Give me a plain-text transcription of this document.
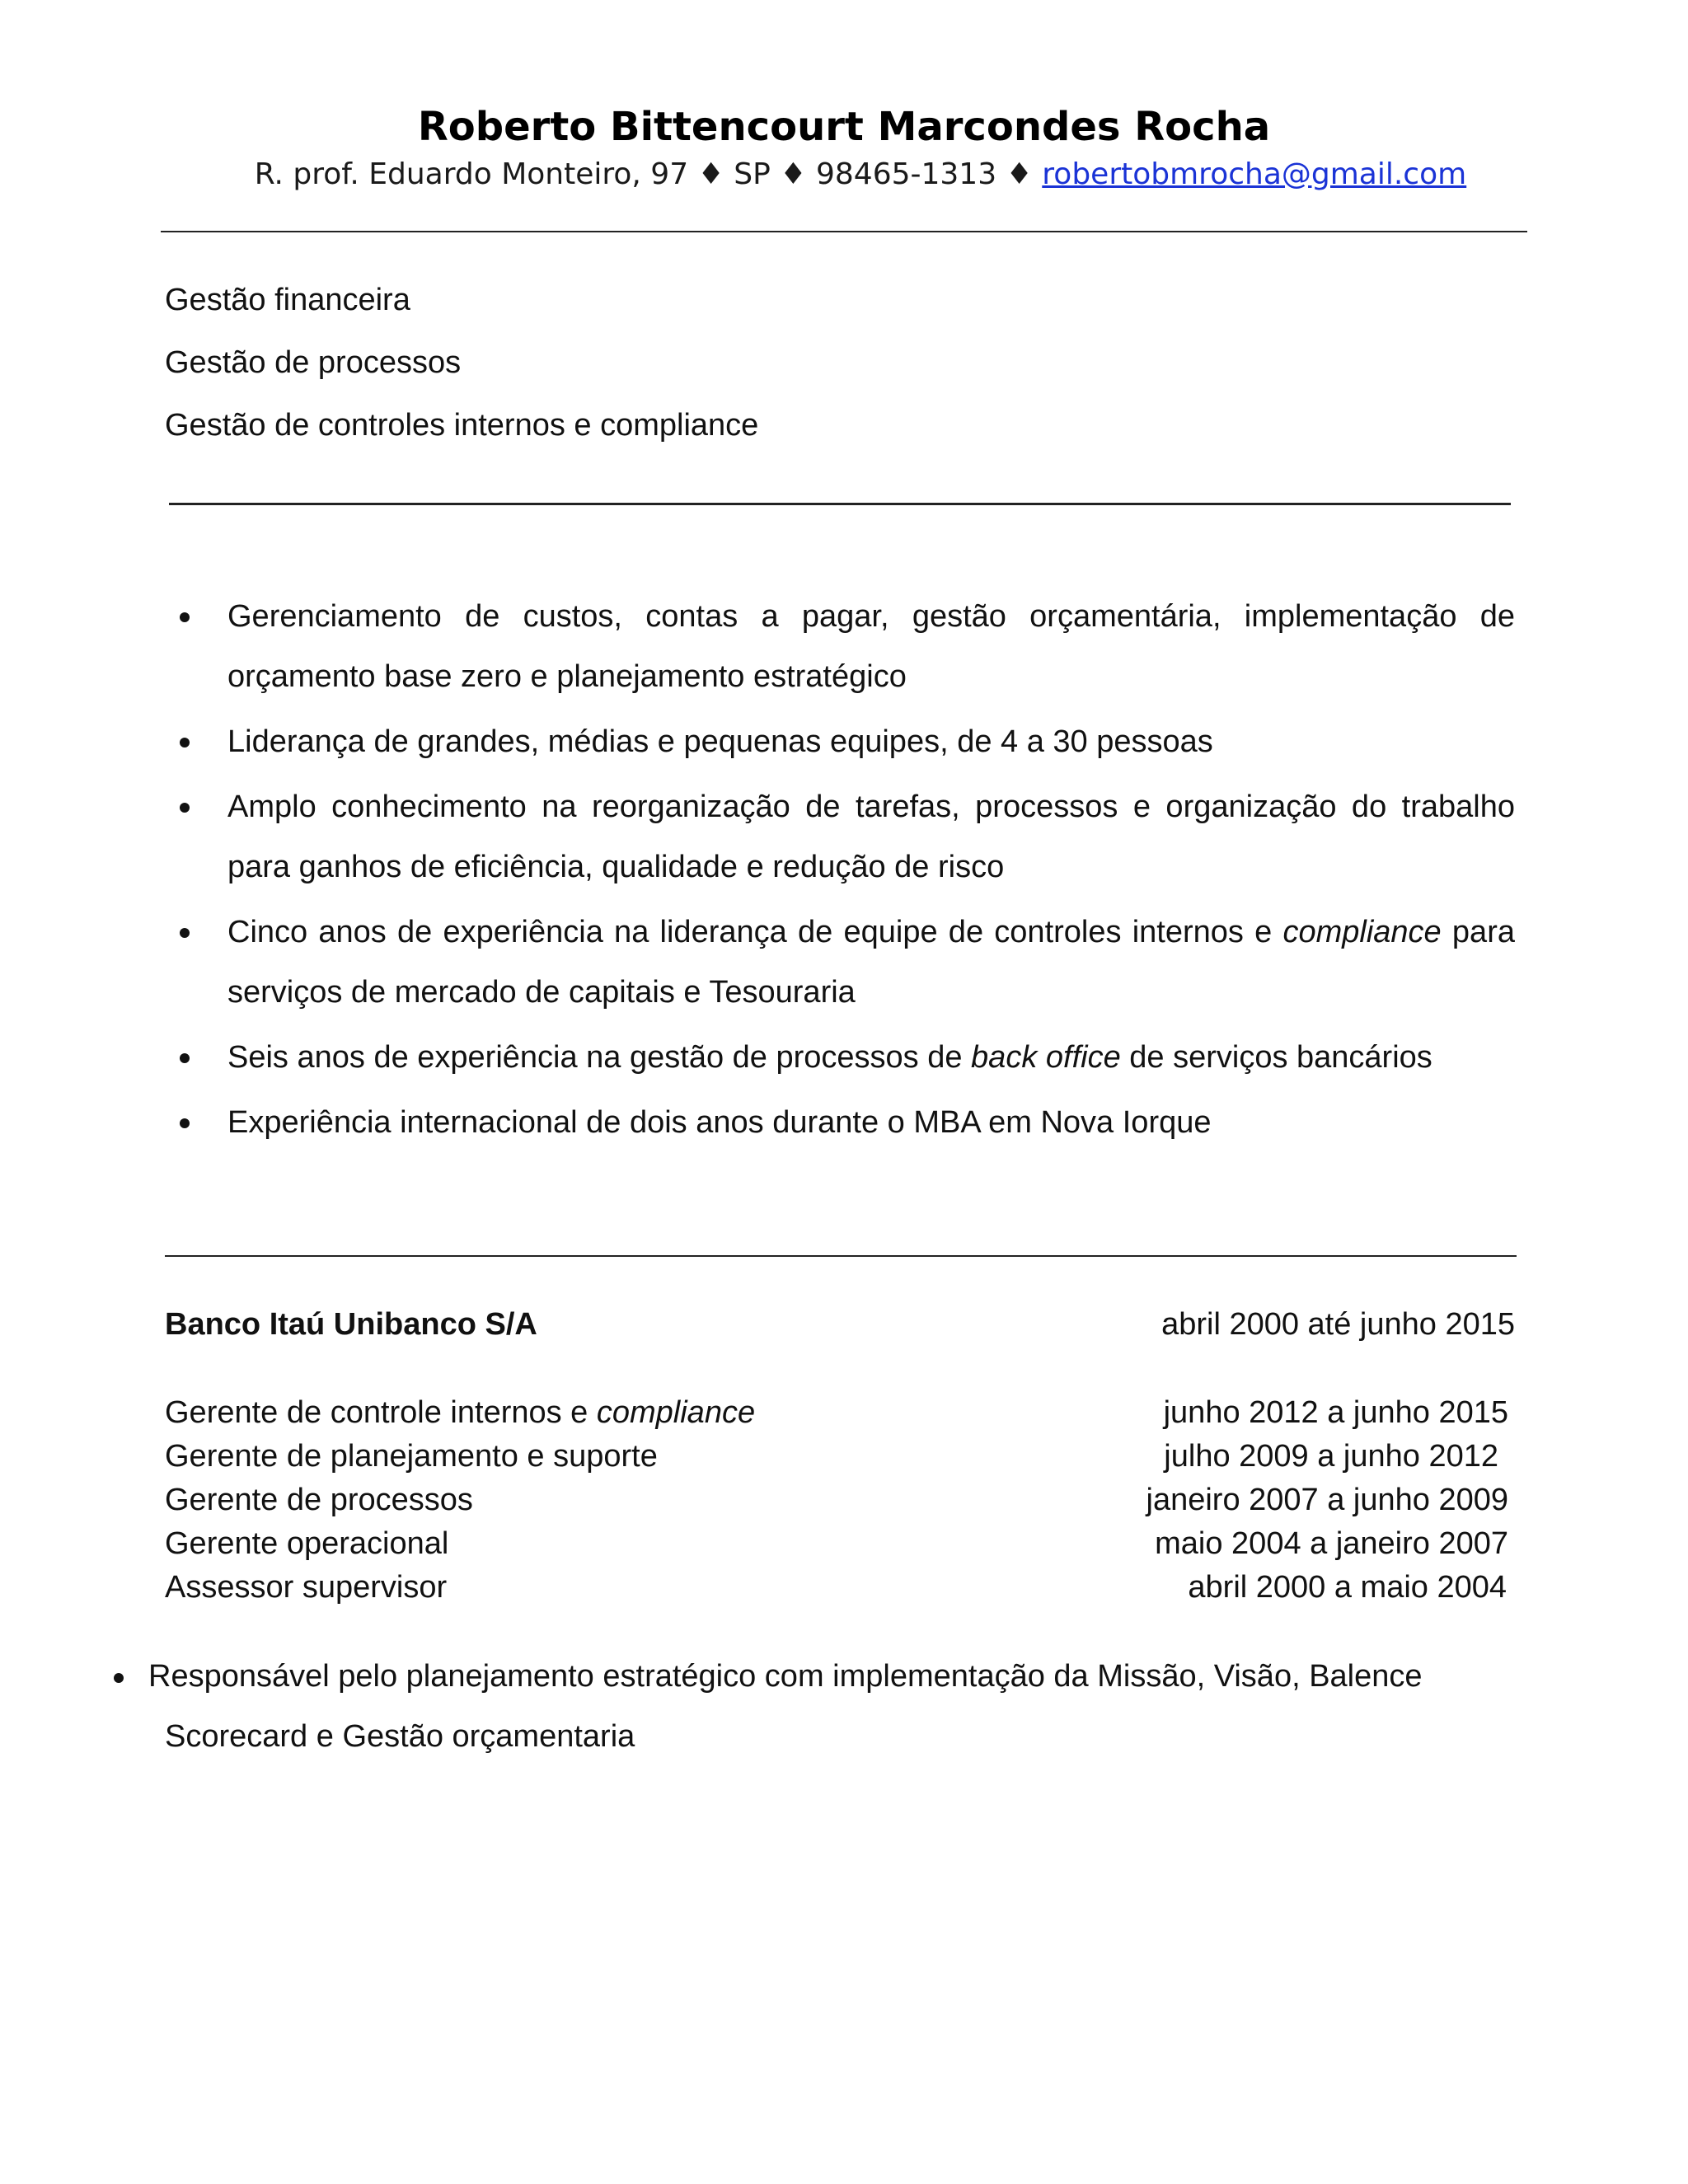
Roberto Bittencourt Marcondes Rocha
R. prof. Eduardo Monteiro, 97 ♦ SP ♦ 98465-1313 ♦ robertobmrocha@gmail.com
Gestão financeira
Gestão de processos
Gestão de controles internos e compliance
Gerenciamento de custos, contas a pagar, gestão orçamentária, implementação de orçamento base zero e planejamento estratégico
Liderança de grandes, médias e pequenas equipes, de 4 a 30 pessoas
Amplo conhecimento na reorganização de tarefas, processos e organização do trabalho para ganhos de eficiência, qualidade e redução de risco
Cinco anos de experiência na liderança de equipe de controles internos e compliance para serviços de mercado de capitais e Tesouraria
Seis anos de experiência na gestão de processos de back office de serviços bancários
Experiência internacional de dois anos durante o MBA em Nova Iorque
Banco Itaú Unibanco S/A	abril 2000 até junho 2015
Gerente de controle internos e compliance	junho 2012 a junho 2015
Gerente de planejamento e suporte	julho 2009 a junho 2012
Gerente de processos	janeiro 2007 a junho 2009
Gerente operacional	maio 2004 a janeiro 2007
Assessor supervisor	abril 2000 a maio 2004
Responsável pelo planejamento estratégico com implementação da Missão, Visão, Balence
Scorecard e Gestão orçamentaria
